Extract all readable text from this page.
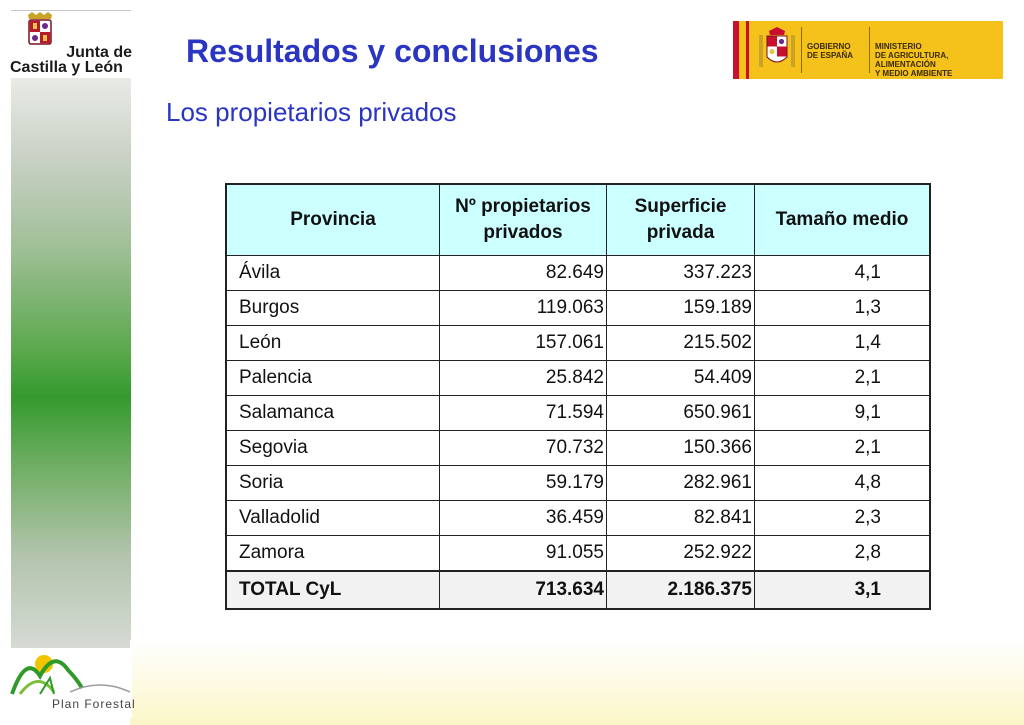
Junta de
Castilla y León	Resultados y conclusiones
Los propietarios privados
GOBIERNO
DE ESPAÑA
MINISTERIO
DE AGRICULTURA, ALIMENTACIÓN
Y MEDIO AMBIENTE
Provincia	Nº propietarios privados	Superficie privada	Tamaño medio
Ávila	82.649	337.223	4,1
Burgos	119.063	159.189	1,3
León	157.061	215.502	1,4
Palencia	25.842	54.409	2,1
Salamanca	71.594	650.961	9,1
Segovia	70.732	150.366	2,1
Soria	59.179	282.961	4,8
Valladolid	36.459	82.841	2,3
Zamora	91.055	252.922	2,8
TOTAL CyL	713.634	2.186.375	3,1
Plan Forestal
